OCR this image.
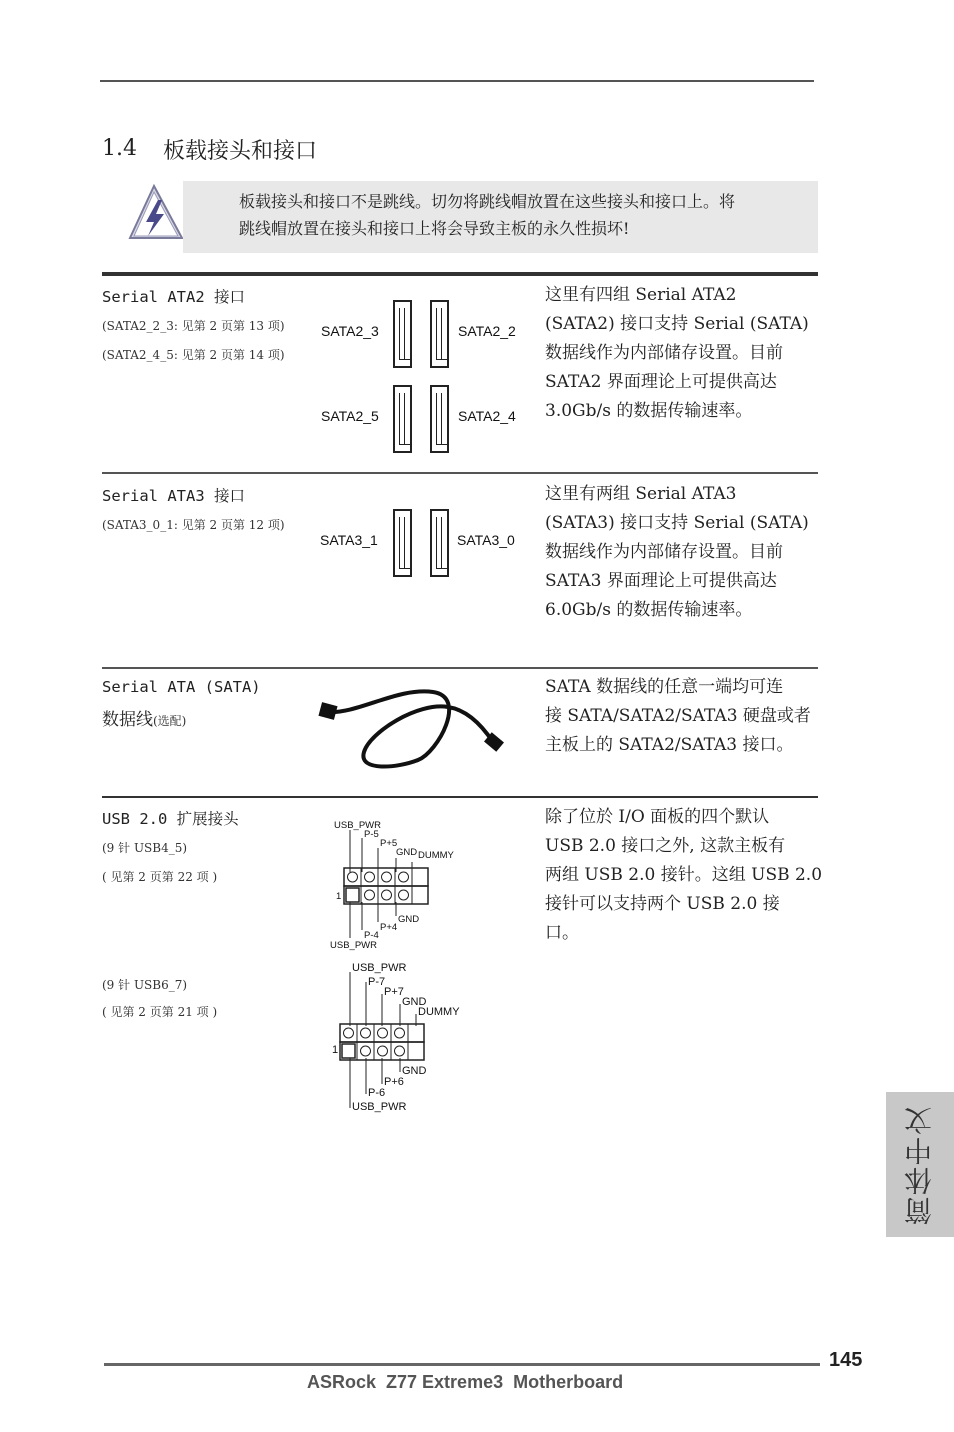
1.4 板载接头和接口
板载接头和接口不是跳线。切勿将跳线帽放置在这些接头和接口上。将
跳线帽放置在接头和接口上将会导致主板的永久性损坏!
Serial ATA2 接口
(SATA2_2_3: 见第 2 页第 13 项)
(SATA2_4_5: 见第 2 页第 14 项)
SATA2_3	SATA2_2
SATA2_5	SATA2_4
这里有四组 Serial ATA2
(SATA2) 接口支持 Serial (SATA)
数据线作为内部储存设置。目前
SATA2 界面理论上可提供高达
3.0Gb/s 的数据传输速率。
Serial ATA3 接口
(SATA3_0_1: 见第 2 页第 12 项)
SATA3_1	SATA3_0
这里有两组 Serial ATA3
(SATA3) 接口支持 Serial (SATA)
数据线作为内部储存设置。目前
SATA3 界面理论上可提供高达
6.0Gb/s 的数据传输速率。
Serial ATA (SATA)
数据线(选配)
SATA 数据线的任意一端均可连
接 SATA/SATA2/SATA3 硬盘或者
主板上的 SATA2/SATA3 接口。
USB 2.0 扩展接头
(9 针 USB4_5)
( 见第 2 页第 22 项 )
(9 针 USB6_7)
( 见第 2 页第 21 项 )
USB_PWR
P-5
P+5
GND DUMMY
1
GND
P+4
P-4
USB_PWR
USB_PWR
P-7
P+7
GND
DUMMY
1
GND
P+6
P-6
USB_PWR
除了位於 I/O 面板的四个默认
USB 2.0 接口之外, 这款主板有
两组 USB 2.0 接针。这组 USB 2.0
接针可以支持两个 USB 2.0 接
口。
简体中文
145
ASRock  Z77 Extreme3  Motherboard
